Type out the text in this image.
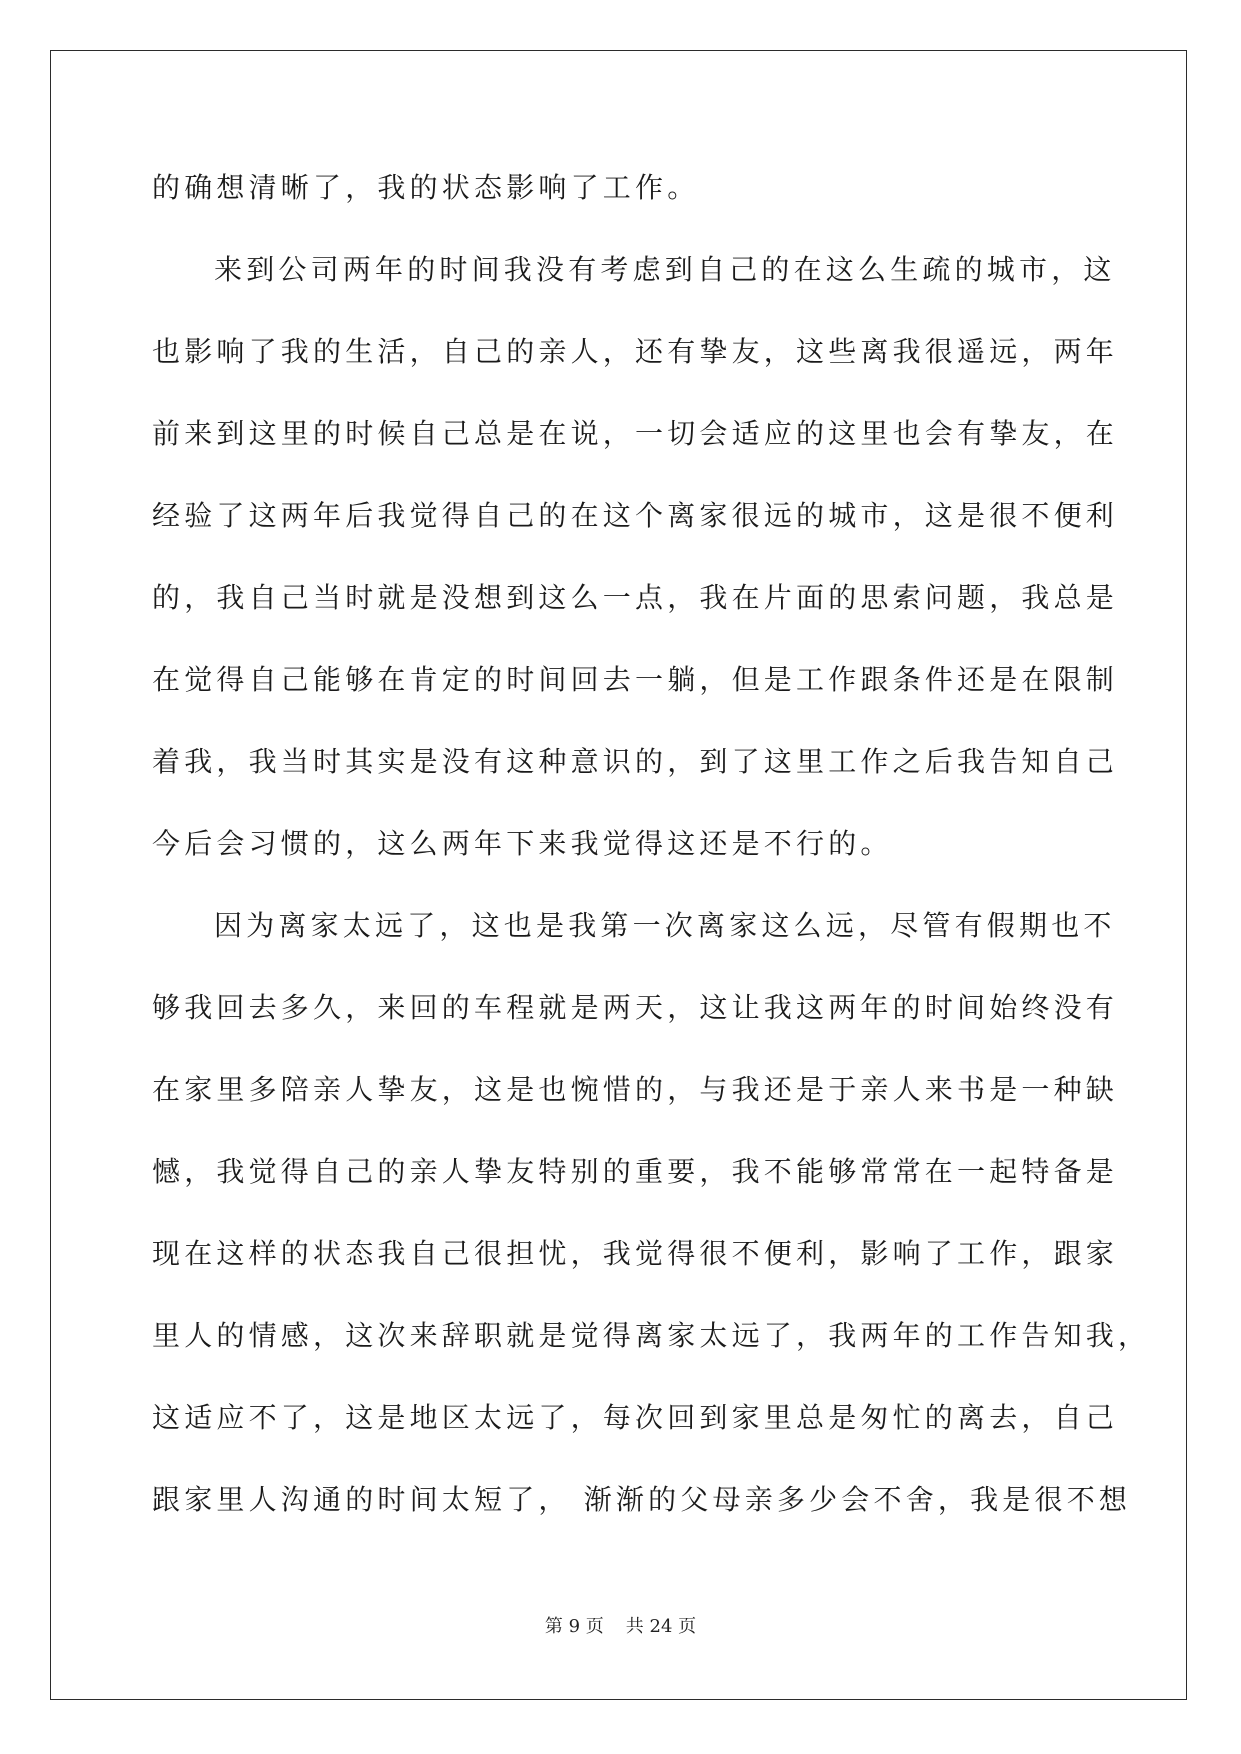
的确想清晰了，我的状态影响了工作。
来到公司两年的时间我没有考虑到自己的在这么生疏的城市，这
也影响了我的生活，自己的亲人，还有挚友，这些离我很遥远，两年
前来到这里的时候自己总是在说，一切会适应的这里也会有挚友，在
经验了这两年后我觉得自己的在这个离家很远的城市，这是很不便利
的，我自己当时就是没想到这么一点，我在片面的思索问题，我总是
在觉得自己能够在肯定的时间回去一躺，但是工作跟条件还是在限制
着我，我当时其实是没有这种意识的，到了这里工作之后我告知自己
今后会习惯的，这么两年下来我觉得这还是不行的。
因为离家太远了，这也是我第一次离家这么远，尽管有假期也不
够我回去多久，来回的车程就是两天，这让我这两年的时间始终没有
在家里多陪亲人挚友，这是也惋惜的，与我还是于亲人来书是一种缺
憾，我觉得自己的亲人挚友特别的重要，我不能够常常在一起特备是
现在这样的状态我自己很担忧，我觉得很不便利，影响了工作，跟家
里人的情感，这次来辞职就是觉得离家太远了，我两年的工作告知我，
这适应不了，这是地区太远了，每次回到家里总是匆忙的离去，自己
跟家里人沟通的时间太短了， 渐渐的父母亲多少会不舍，我是很不想
第 9 页 共 24 页
